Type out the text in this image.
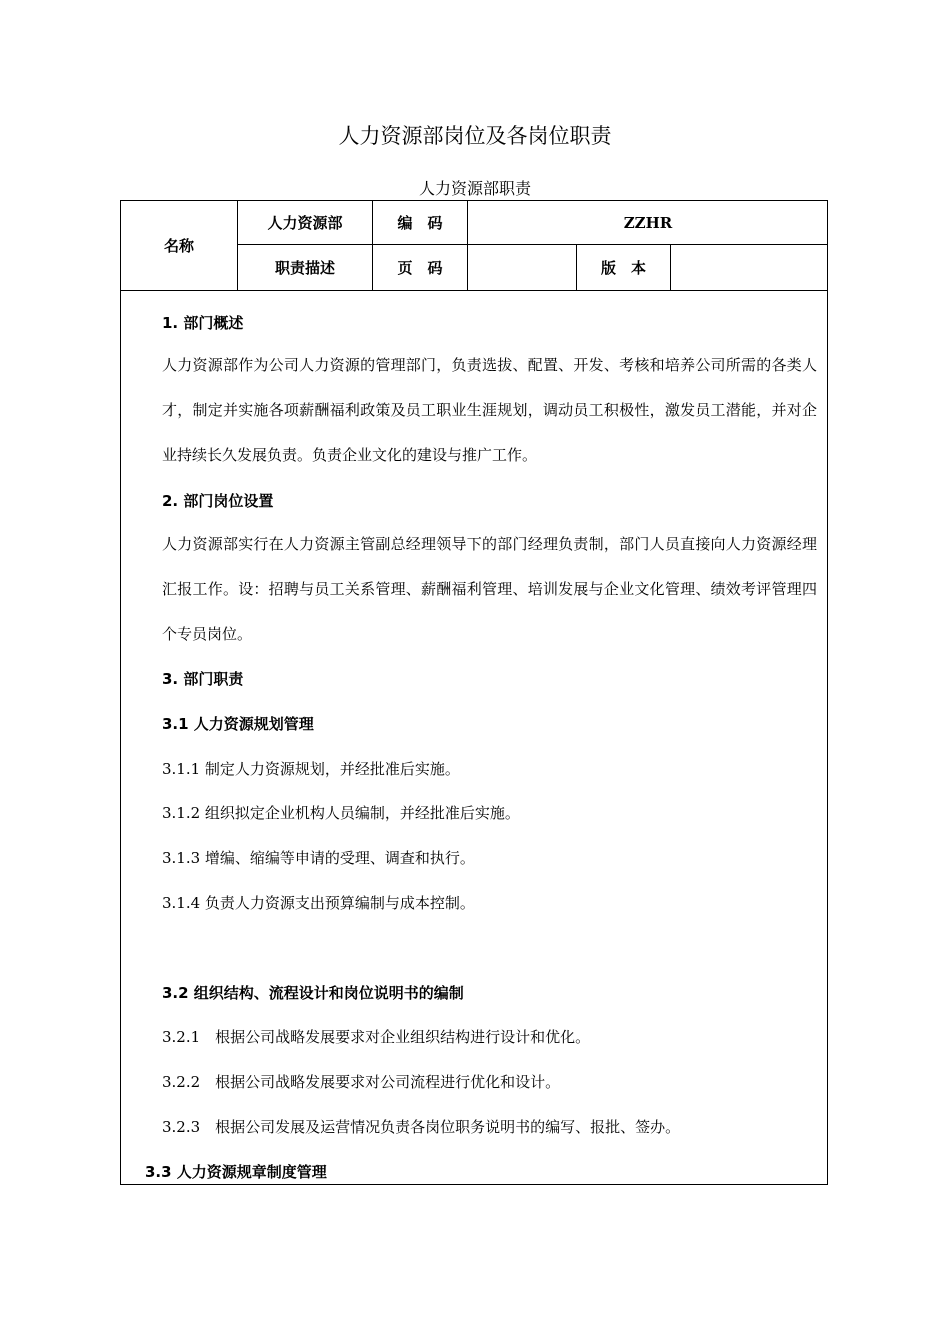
人力资源部岗位及各岗位职责
人力资源部职责
名称
人力资源部
职责描述
编　码	ZZHR
页　码	版　本
1. 部门概述
人力资源部作为公司人力资源的管理部门，负责选拔、配置、开发、考核和培养公司所需的各类人才，制定并实施各项薪酬福利政策及员工职业生涯规划，调动员工积极性，激发员工潜能，并对企业持续长久发展负责。负责企业文化的建设与推广工作。
2. 部门岗位设置
人力资源部实行在人力资源主管副总经理领导下的部门经理负责制，部门人员直接向人力资源经理汇报工作。设：招聘与员工关系管理、薪酬福利管理、培训发展与企业文化管理、绩效考评管理四个专员岗位。
3. 部门职责
3.1 人力资源规划管理
3.1.1 制定人力资源规划，并经批准后实施。
3.1.2 组织拟定企业机构人员编制，并经批准后实施。
3.1.3 增编、缩编等申请的受理、调查和执行。
3.1.4 负责人力资源支出预算编制与成本控制。
3.2 组织结构、流程设计和岗位说明书的编制
3.2.1　根据公司战略发展要求对企业组织结构进行设计和优化。
3.2.2　根据公司战略发展要求对公司流程进行优化和设计。
3.2.3　根据公司发展及运营情况负责各岗位职务说明书的编写、报批、签办。
3.3 人力资源规章制度管理
